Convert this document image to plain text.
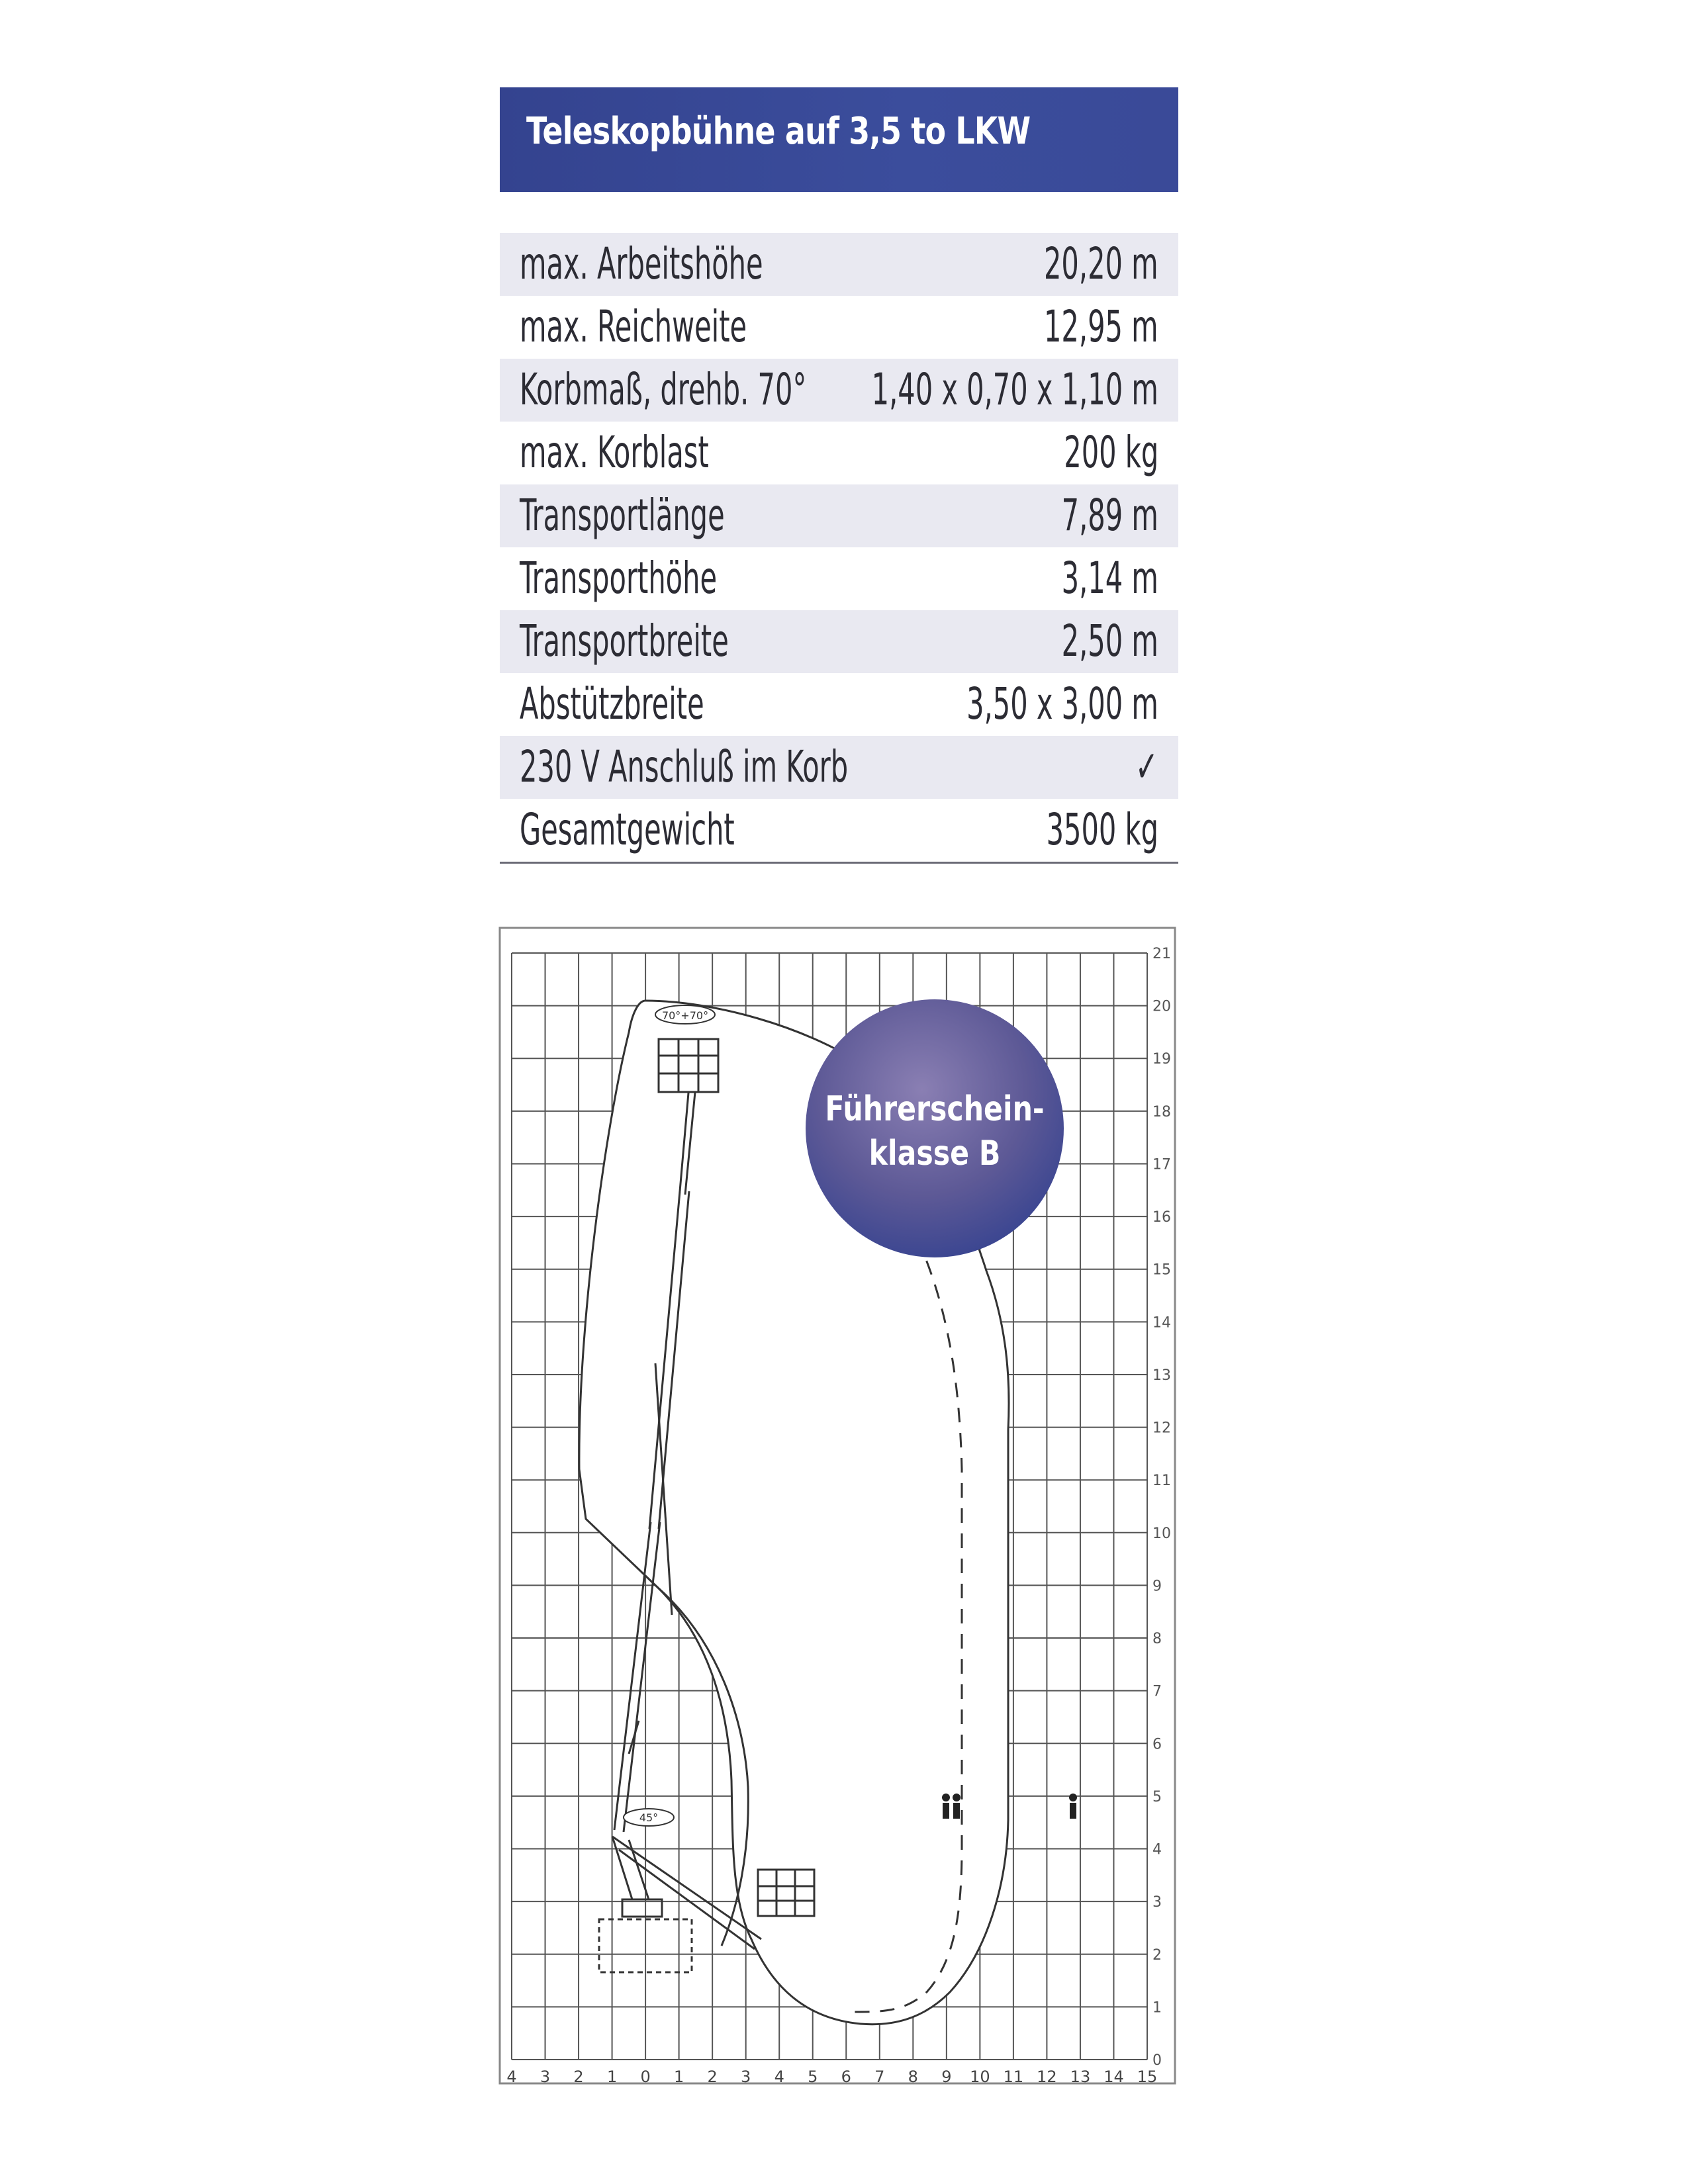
Teleskopbühne auf 3,5 to LKW
max. Arbeitshöhe	20,20 m
max. Reichweite	12,95 m
Korbmaß, drehb. 70° 1,40 x 0,70 x 1,10 m
max. Korblast	200 kg
Transportlänge	7,89 m
Transporthöhe	3,14 m
Transportbreite	2,50 m
Abstützbreite	3,50 x 3,00 m
230 V Anschluß im Korb	✓
Gesamtgewicht	3500 kg
4 3 2 1 0 1 2 3 4 5 6 7 8 9 10 11 12 13 14 15
21
20
19
18
17
16
15
14
13
12
11
10
9
8
7
6
5
4
3
2
1
0
70°+70°
45°
Führerschein-
klasse B
